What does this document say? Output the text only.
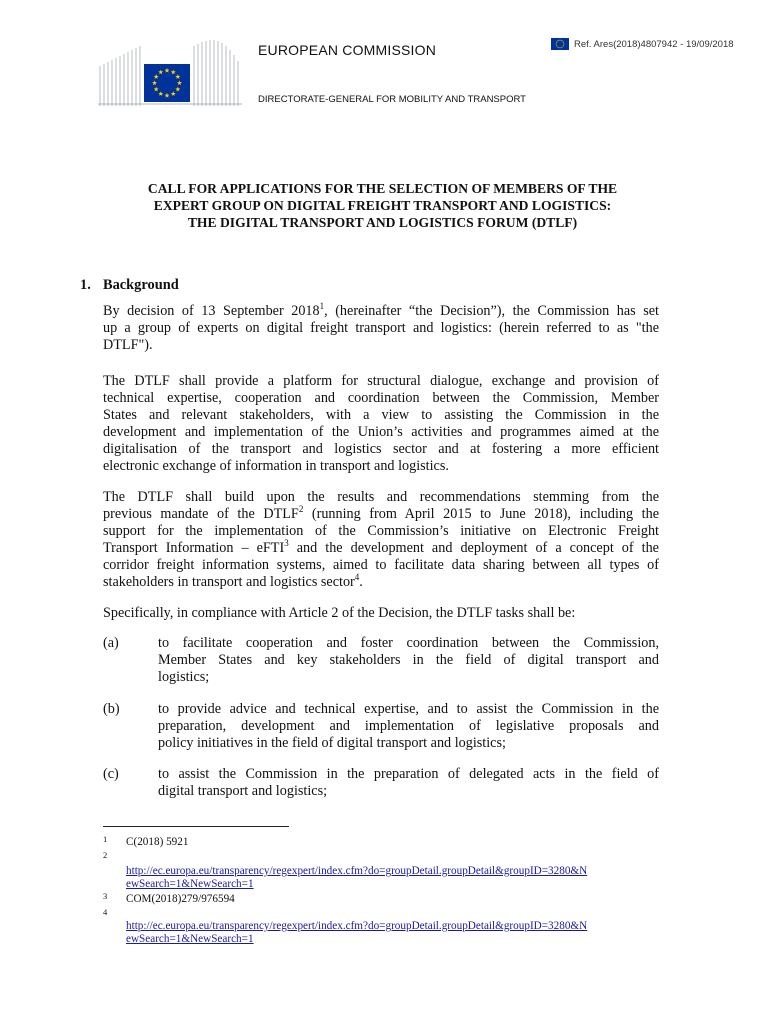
EUROPEAN COMMISSION
DIRECTORATE-GENERAL FOR MOBILITY AND TRANSPORT
Ref. Ares(2018)4807942 - 19/09/2018
CALL FOR APPLICATIONS FOR THE SELECTION OF MEMBERS OF THE
EXPERT GROUP ON DIGITAL FREIGHT TRANSPORT AND LOGISTICS:
THE DIGITAL TRANSPORT AND LOGISTICS FORUM (DTLF)
1. Background
By decision of 13 September 2018$^1$, (hereinafter “the Decision”), the Commission has set
up a group of experts on digital freight transport and logistics: (herein referred to as "the
DTLF").
The DTLF shall provide a platform for structural dialogue, exchange and provision of
technical expertise, cooperation and coordination between the Commission, Member
States and relevant stakeholders, with a view to assisting the Commission in the
development and implementation of the Union’s activities and programmes aimed at the
digitalisation of the transport and logistics sector and at fostering a more efficient
electronic exchange of information in transport and logistics.
The DTLF shall build upon the results and recommendations stemming from the
previous mandate of the DTLF$^2$ (running from April 2015 to June 2018), including the
support for the implementation of the Commission’s initiative on Electronic Freight
Transport Information – eFTI$^3$ and the development and deployment of a concept of the
corridor freight information systems, aimed to facilitate data sharing between all types of
stakeholders in transport and logistics sector$^4$.
Specifically, in compliance with Article 2 of the Decision, the DTLF tasks shall be:
(a)	to facilitate cooperation and foster coordination between the Commission,
Member States and key stakeholders in the field of digital transport and
logistics;
(b)	to provide advice and technical expertise, and to assist the Commission in the
preparation, development and implementation of legislative proposals and
policy initiatives in the field of digital transport and logistics;
(c)	to assist the Commission in the preparation of delegated acts in the field of
digital transport and logistics;
1 C(2018) 5921
2
http://ec.europa.eu/transparency/regexpert/index.cfm?do=groupDetail.groupDetail&groupID=3280&N
ewSearch=1&NewSearch=1
3 COM(2018)279/976594
4
http://ec.europa.eu/transparency/regexpert/index.cfm?do=groupDetail.groupDetail&groupID=3280&N
ewSearch=1&NewSearch=1
